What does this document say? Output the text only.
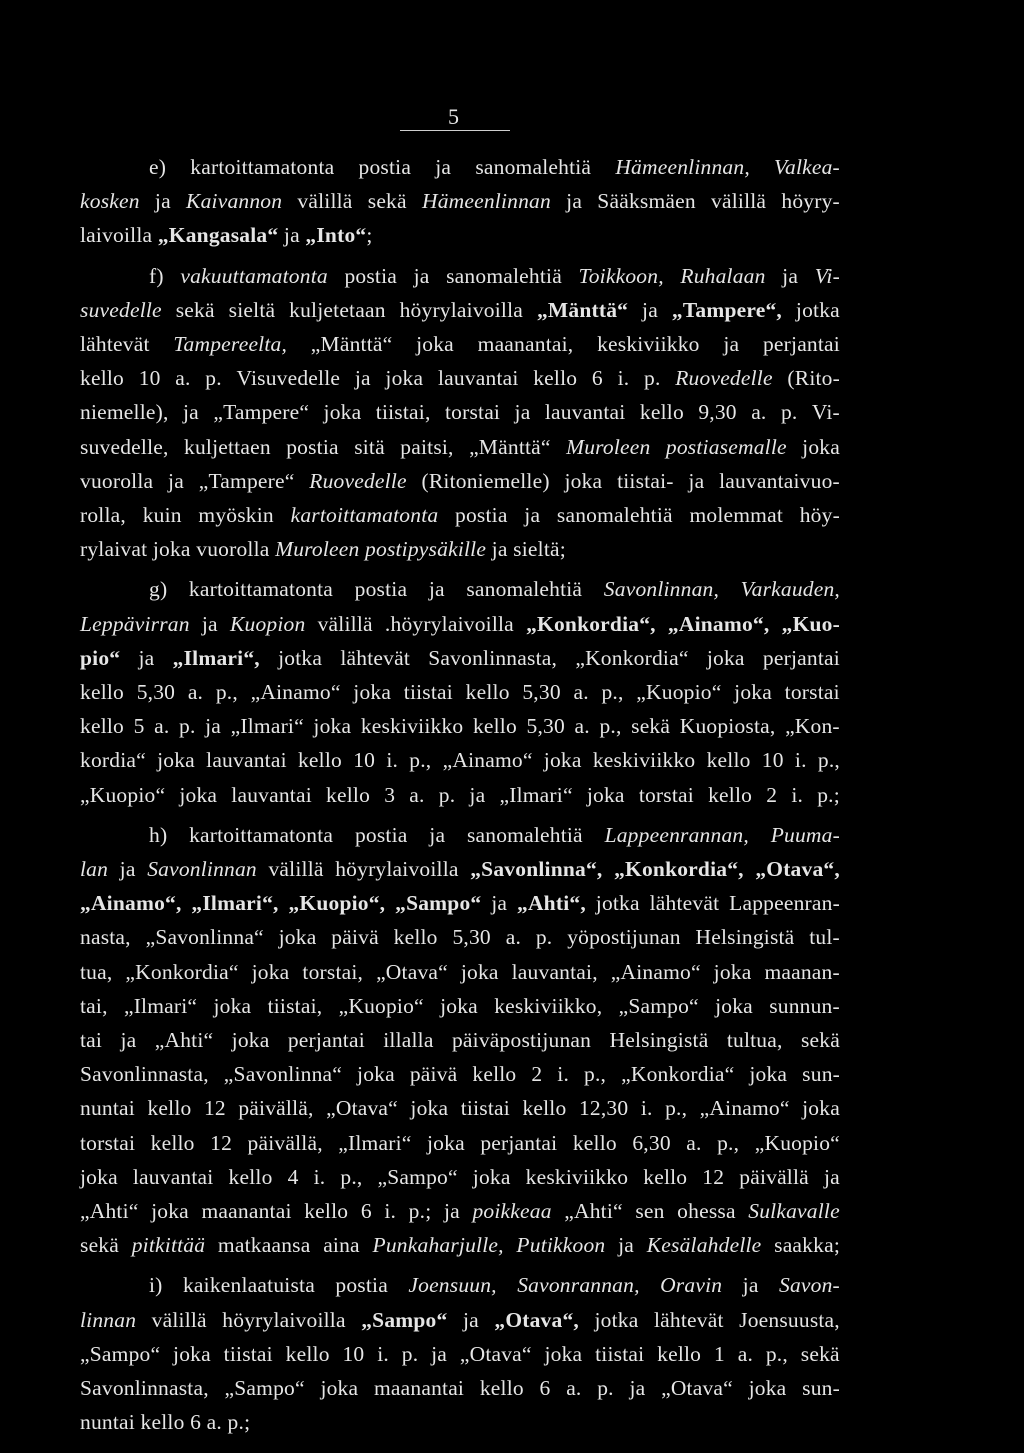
5
e) kartoittamatonta postia ja sanomalehtiä Hämeenlinnan, Valkea-
kosken ja Kaivannon välillä sekä Hämeenlinnan ja Sääksmäen välillä höyry-
laivoilla „Kangasala“ ja „Into“;
f) vakuuttamatonta postia ja sanomalehtiä Toikkoon, Ruhalaan ja Vi-
suvedelle sekä sieltä kuljetetaan höyrylaivoilla „Mänttä“ ja „Tampere“, jotka
lähtevät Tampereelta, „Mänttä“ joka maanantai, keskiviikko ja perjantai
kello 10 a. p. Visuvedelle ja joka lauvantai kello 6 i. p. Ruovedelle (Rito-
niemelle), ja „Tampere“ joka tiistai, torstai ja lauvantai kello 9,30 a. p. Vi-
suvedelle, kuljettaen postia sitä paitsi, „Mänttä“ Muroleen postiasemalle joka
vuorolla ja „Tampere“ Ruovedelle (Ritoniemelle) joka tiistai- ja lauvantaivuo-
rolla, kuin myöskin kartoittamatonta postia ja sanomalehtiä molemmat höy-
rylaivat joka vuorolla Muroleen postipysäkille ja sieltä;
g) kartoittamatonta postia ja sanomalehtiä Savonlinnan, Varkauden,
Leppävirran ja Kuopion välillä .höyrylaivoilla „Konkordia“, „Ainamo“, „Kuo-
pio“ ja „Ilmari“, jotka lähtevät Savonlinnasta, „Konkordia“ joka perjantai
kello 5,30 a. p., „Ainamo“ joka tiistai kello 5,30 a. p., „Kuopio“ joka torstai
kello 5 a. p. ja „Ilmari“ joka keskiviikko kello 5,30 a. p., sekä Kuopiosta, „Kon-
kordia“ joka lauvantai kello 10 i. p., „Ainamo“ joka keskiviikko kello 10 i. p.,
„Kuopio“ joka lauvantai kello 3 a. p. ja „Ilmari“ joka torstai kello 2 i. p.;
h) kartoittamatonta postia ja sanomalehtiä Lappeenrannan, Puuma-
lan ja Savonlinnan välillä höyrylaivoilla „Savonlinna“, „Konkordia“, „Otava“,
„Ainamo“, „Ilmari“, „Kuopio“, „Sampo“ ja „Ahti“, jotka lähtevät Lappeenran-
nasta, „Savonlinna“ joka päivä kello 5,30 a. p. yöpostijunan Helsingistä tul-
tua, „Konkordia“ joka torstai, „Otava“ joka lauvantai, „Ainamo“ joka maanan-
tai, „Ilmari“ joka tiistai, „Kuopio“ joka keskiviikko, „Sampo“ joka sunnun-
tai ja „Ahti“ joka perjantai illalla päiväpostijunan Helsingistä tultua, sekä
Savonlinnasta, „Savonlinna“ joka päivä kello 2 i. p., „Konkordia“ joka sun-
nuntai kello 12 päivällä, „Otava“ joka tiistai kello 12,30 i. p., „Ainamo“ joka
torstai kello 12 päivällä, „Ilmari“ joka perjantai kello 6,30 a. p., „Kuopio“
joka lauvantai kello 4 i. p., „Sampo“ joka keskiviikko kello 12 päivällä ja
„Ahti“ joka maanantai kello 6 i. p.; ja poikkeaa „Ahti“ sen ohessa Sulkavalle
sekä pitkittää matkaansa aina Punkaharjulle, Putikkoon ja Kesälahdelle saakka;
i) kaikenlaatuista postia Joensuun, Savonrannan, Oravin ja Savon-
linnan välillä höyrylaivoilla „Sampo“ ja „Otava“, jotka lähtevät Joensuusta,
„Sampo“ joka tiistai kello 10 i. p. ja „Otava“ joka tiistai kello 1 a. p., sekä
Savonlinnasta, „Sampo“ joka maanantai kello 6 a. p. ja „Otava“ joka sun-
nuntai kello 6 a. p.;
